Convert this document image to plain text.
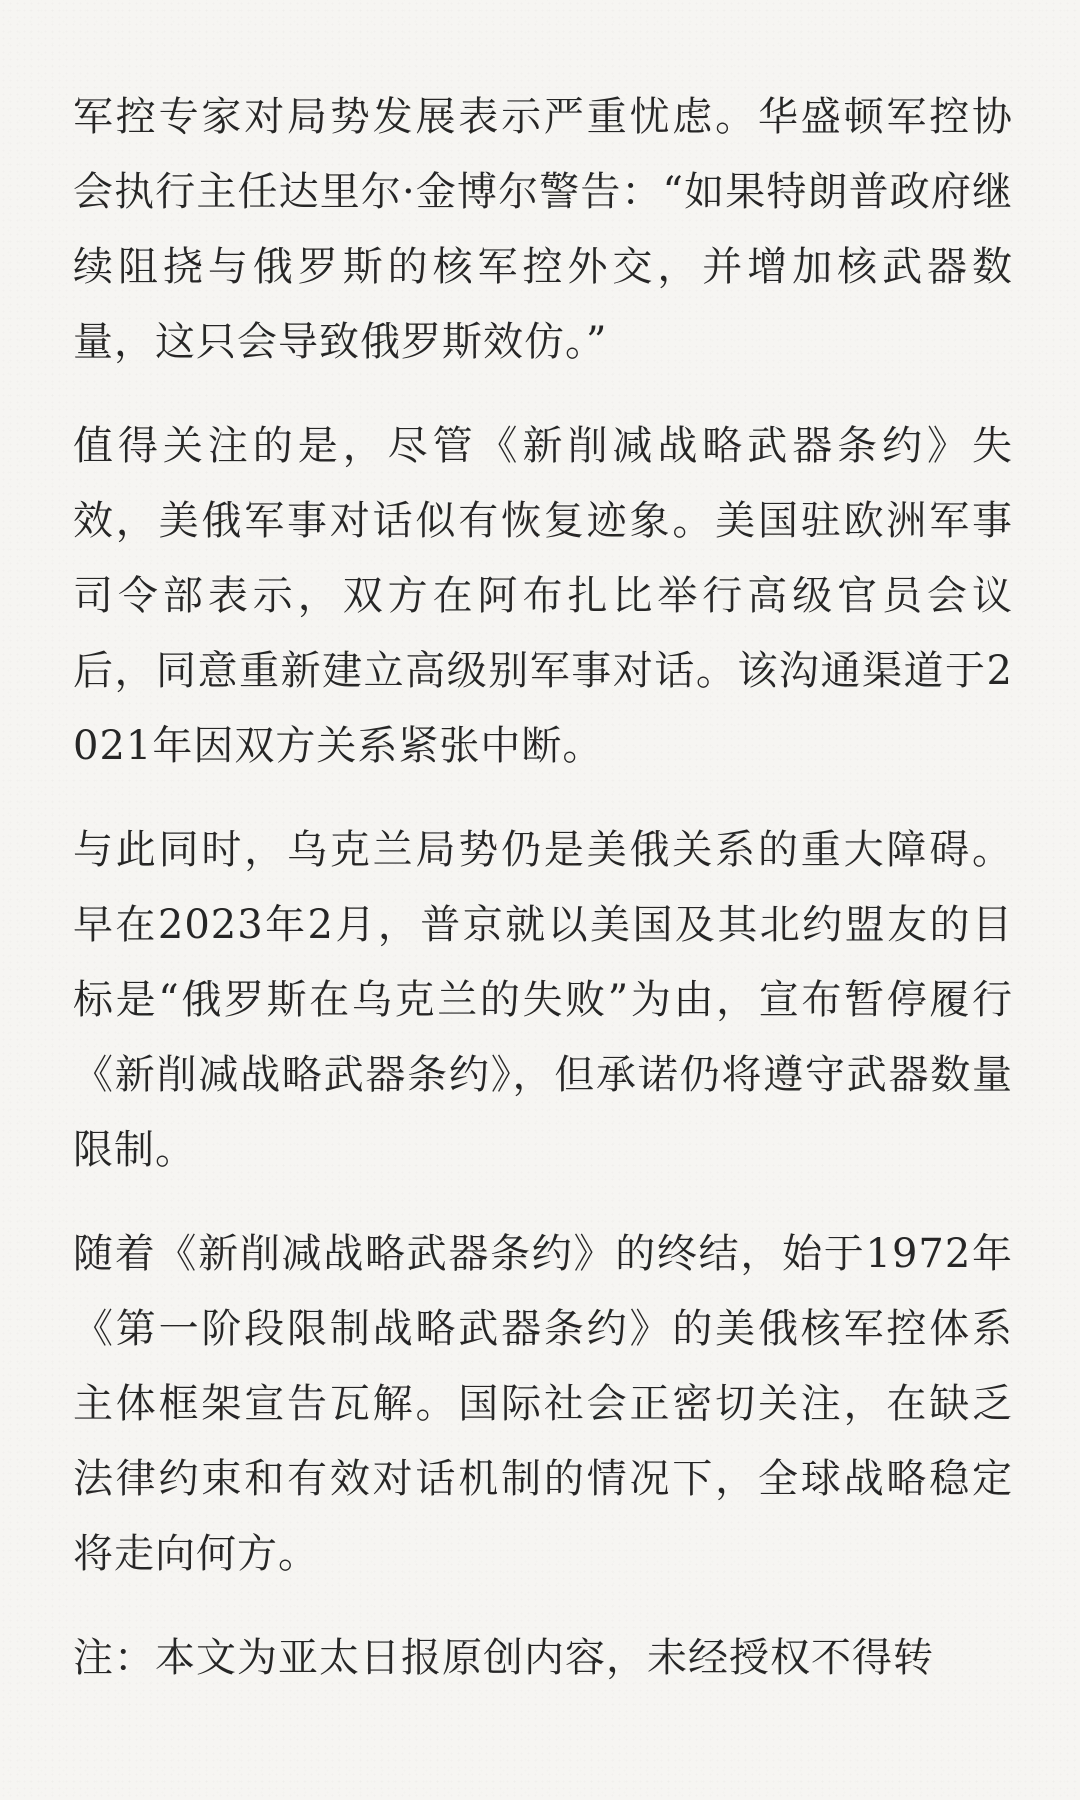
军控专家对局势发展表示严重忧虑。华盛顿军控协会执行主任达里尔·金博尔警告：“如果特朗普政府继续阻挠与俄罗斯的核军控外交，并增加核武器数量，这只会导致俄罗斯效仿。”

值得关注的是，尽管《新削减战略武器条约》失效，美俄军事对话似有恢复迹象。美国驻欧洲军事司令部表示，双方在阿布扎比举行高级官员会议后，同意重新建立高级别军事对话。该沟通渠道于2021年因双方关系紧张中断。

与此同时，乌克兰局势仍是美俄关系的重大障碍。早在2023年2月，普京就以美国及其北约盟友的目标是“俄罗斯在乌克兰的失败”为由，宣布暂停履行《新削减战略武器条约》，但承诺仍将遵守武器数量限制。

随着《新削减战略武器条约》的终结，始于1972年《第一阶段限制战略武器条约》的美俄核军控体系主体框架宣告瓦解。国际社会正密切关注，在缺乏法律约束和有效对话机制的情况下，全球战略稳定将走向何方。

注：本文为亚太日报原创内容，未经授权不得转
